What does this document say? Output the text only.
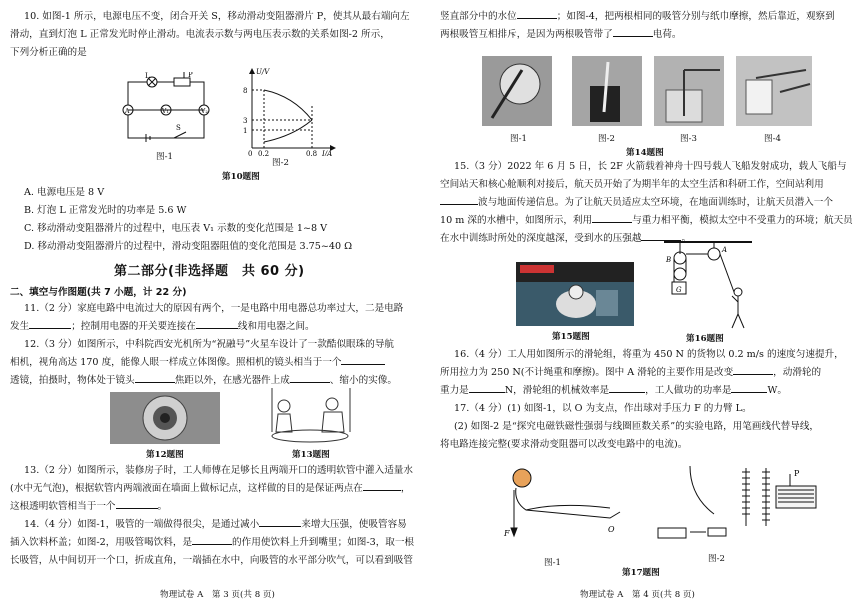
10. 如图-1 所示，电源电压不变，闭合开关 S，移动滑动变阻器滑片 P，使其从最右端向左
滑动，直到灯泡 L 正常发光时停止滑动。电流表示数与两电压表示数的关系如图-2 所示，
下列分析正确的是
L	P
V₁
A
S
V₂
图-1
U/V
8
3
1
0 0.2	0.8 I/A
图-2
第10题图
A. 电源电压是 8 V
B. 灯泡 L 正常发光时的功率是 5.6 W
C. 移动滑动变阻器滑片的过程中，电压表 V₁ 示数的变化范围是 1~8 V
D. 移动滑动变阻器滑片的过程中，滑动变阻器阻值的变化范围是 3.75~40 Ω
第二部分(非选择题　共 60 分)
二、填空与作图题(共 7 小题，计 22 分)
11.（2 分）家庭电路中电流过大的原因有两个，一是电路中用电器总功率过大，二是电路
发生	；控制用电器的开关要连接在	线和用电器之间。
12.（3 分）如图所示，中科院西安光机所为“祝融号”火星车设计了一款酷似眼珠的导航
相机，视角高达 170 度，能像人眼一样成立体图像。照相机的镜头相当于一个
透镜，拍摄时，物体处于镜头	焦距以外，在感光器件上成	、缩小的实像。
第12题图	第13题图
13.（2 分）如图所示，装修房子时，工人师傅在足够长且两端开口的透明软管中灌入适量水
(水中无气泡)，根据软管内两端液面在墙面上做标记点，这样做的目的是保证两点在	，
这根透明软管相当于一个	。
14.（4 分）如图-1，吸管的一端做得很尖，是通过减小	来增大压强，使吸管容易
插入饮料杯盖；如图-2，用吸管喝饮料，是	的作用使饮料上升到嘴里；如图-3，取一根
长吸管，从中间切开一个口，折成直角，一端插在水中，向吸管的水平部分吹气，可以看到吸管
物理试卷 A　第 3 页(共 8 页)
竖直部分中的水位	；如图-4，把两根相同的吸管分别与纸巾摩擦，然后靠近，观察到
两根吸管互相排斥，是因为两根吸管带了	电荷。
图-1	图-2	图-3	图-4
第14题图
15.（3 分）2022 年 6 月 5 日，长 2F 火箭载着神舟十四号载人飞船发射成功，载人飞船与
空间站天和核心舱顺利对接后，航天员开始了为期半年的太空生活和科研工作，空间站利用
波与地面传递信息。为了让航天员适应太空环境，在地面训练时，让航天员潜入一个
10 m 深的水槽中，如图所示，利用	与重力相平衡，模拟太空中不受重力的环境；航天员
在水中训练时所处的深度越深，受到水的压强越	。
第15题图
B
A
G
第16题图
16.（4 分）工人用如图所示的滑轮组，将重为 450 N 的货物以 0.2 m/s 的速度匀速提升，
所用拉力为 250 N(不计绳重和摩擦)。图中 A 滑轮的主要作用是改变	，动滑轮的
重力是	N，滑轮组的机械效率是	，工人做功的功率是	W。
17.（4 分）(1) 如图-1，以 O 为支点，作出球对手压力 F 的力臂 L。
(2) 如图-2 是“探究电磁铁磁性强弱与线圈匝数关系”的实验电路，用笔画线代替导线，
将电路连接完整(要求滑动变阻器可以改变电路中的电流)。
F	O
图-1
P
图-2
第17题图
物理试卷 A　第 4 页(共 8 页)
